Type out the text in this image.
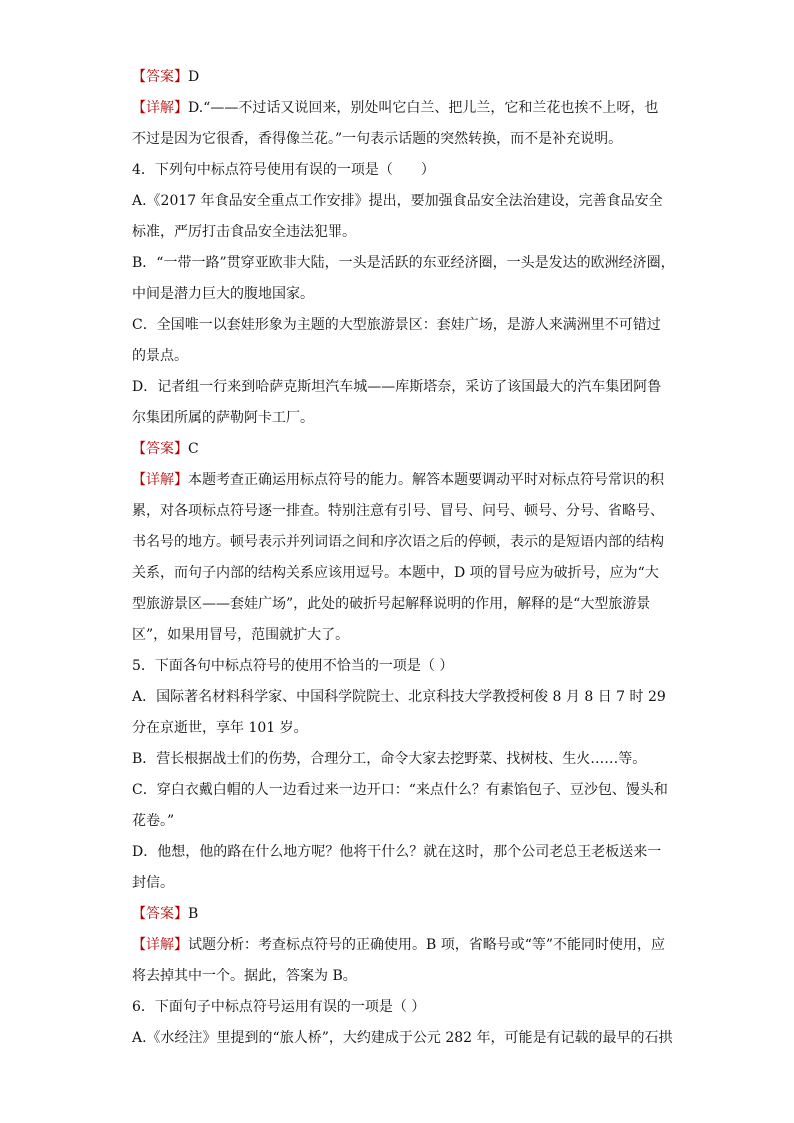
【答案】D
【详解】D.“——不过话又说回来，别处叫它白兰、把儿兰，它和兰花也挨不上呀，也
不过是因为它很香，香得像兰花。”一句表示话题的突然转换，而不是补充说明。
4．下列句中标点符号使用有误的一项是（　　）
A.《2017 年食品安全重点工作安排》提出，要加强食品安全法治建设，完善食品安全
标准，严厉打击食品安全违法犯罪。
B．“一带一路”贯穿亚欧非大陆，一头是活跃的东亚经济圈，一头是发达的欧洲经济圈，
中间是潜力巨大的腹地国家。
C．全国唯一以套娃形象为主题的大型旅游景区：套娃广场，是游人来满洲里不可错过
的景点。
D．记者组一行来到哈萨克斯坦汽车城——库斯塔奈，采访了该国最大的汽车集团阿鲁
尔集团所属的萨勒阿卡工厂。
【答案】C
【详解】本题考查正确运用标点符号的能力。解答本题要调动平时对标点符号常识的积
累，对各项标点符号逐一排查。特别注意有引号、冒号、问号、顿号、分号、省略号、
书名号的地方。顿号表示并列词语之间和序次语之后的停顿，表示的是短语内部的结构
关系，而句子内部的结构关系应该用逗号。本题中，D 项的冒号应为破折号，应为“大
型旅游景区——套娃广场”，此处的破折号起解释说明的作用，解释的是“大型旅游景
区”，如果用冒号，范围就扩大了。
5．下面各句中标点符号的使用不恰当的一项是（ ）
A．国际著名材料科学家、中国科学院院士、北京科技大学教授柯俊 8 月 8 日 7 时 29
分在京逝世，享年 101 岁。
B．营长根据战士们的伤势，合理分工，命令大家去挖野菜、找树枝、生火……等。
C．穿白衣戴白帽的人一边看过来一边开口：“来点什么？有素馅包子、豆沙包、馒头和
花卷。”
D．他想，他的路在什么地方呢？他将干什么？就在这时，那个公司老总王老板送来一
封信。
【答案】B
【详解】试题分析：考查标点符号的正确使用。B 项，省略号或“等”不能同时使用，应
将去掉其中一个。据此，答案为 B。
6．下面句子中标点符号运用有误的一项是（ ）
A.《水经注》里提到的“旅人桥”，大约建成于公元 282 年，可能是有记载的最早的石拱
